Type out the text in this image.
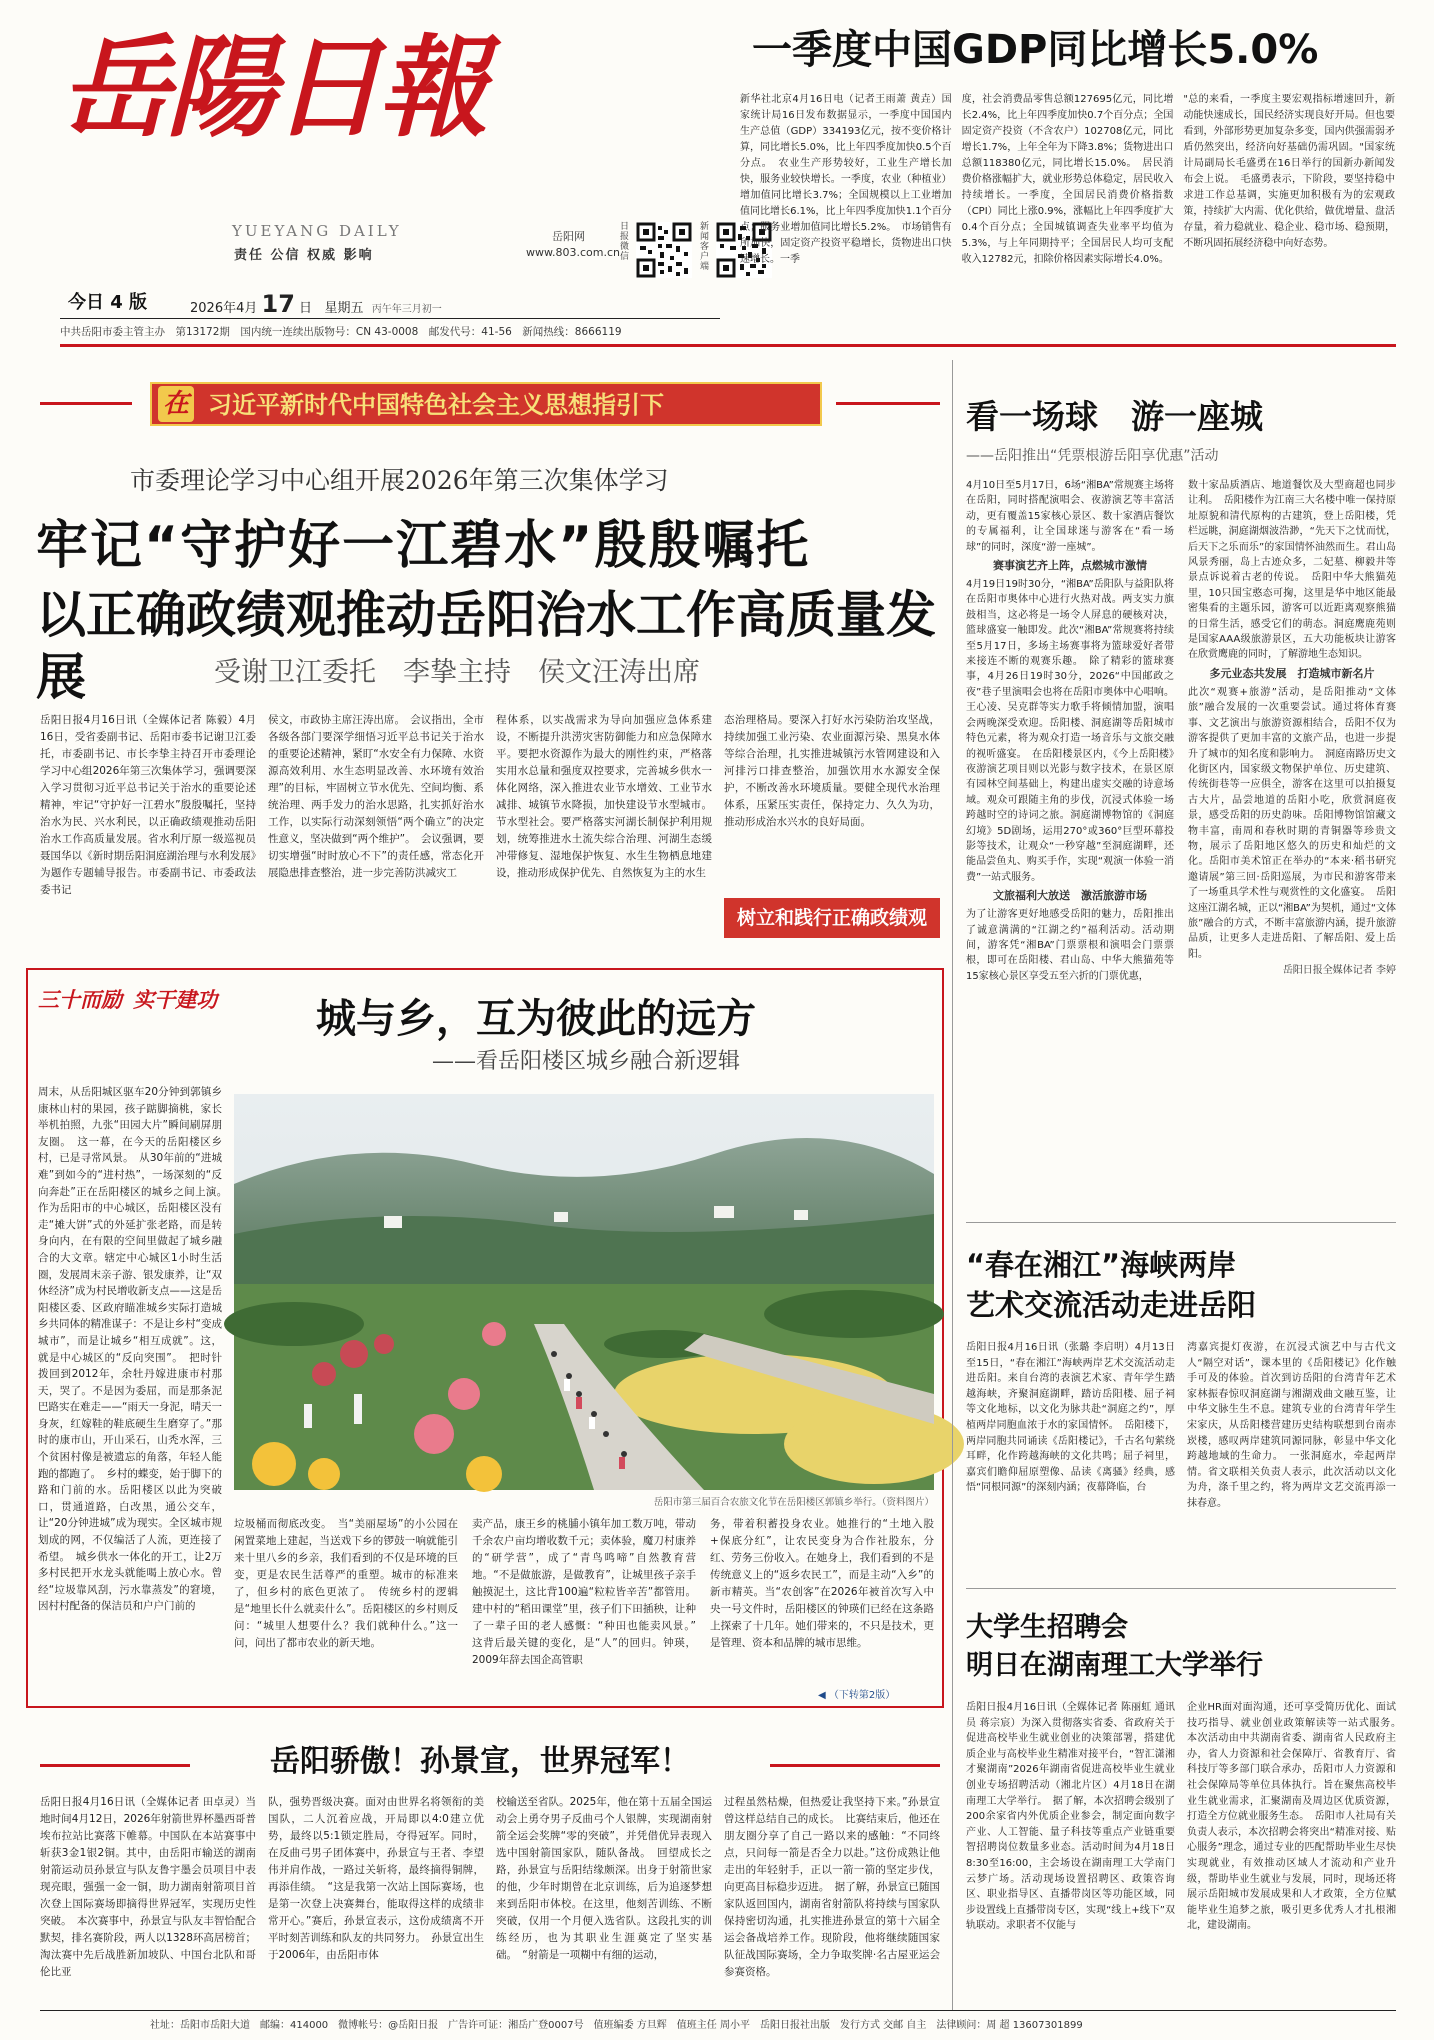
岳陽日報
YUEYANG DAILY
责任 公信 权威 影响
岳阳网
www.803.com.cn
日报微信
新闻客户端
今日 4 版	2026年4月 17 日 星期五 丙午年三月初一
中共岳阳市委主管主办　第13172期　国内统一连续出版物号：CN 43-0008　邮发代号：41-56　新闻热线：8666119
一季度中国GDP同比增长5.0%
新华社北京4月16日电（记者王雨萧 黄垚）国家统计局16日发布数据显示，一季度中国国内生产总值（GDP）334193亿元，按不变价格计算，同比增长5.0%，比上年四季度加快0.5个百分点。　农业生产形势较好，工业生产增长加快，服务业较快增长。一季度，农业（种植业）增加值同比增长3.7%；全国规模以上工业增加值同比增长6.1%，比上年四季度加快1.1个百分点；服务业增加值同比增长5.2%。　市场销售有所加快，固定资产投资平稳增长，货物进出口快速增长。一季
度，社会消费品零售总额127695亿元，同比增长2.4%，比上年四季度加快0.7个百分点；全国固定资产投资（不含农户）102708亿元，同比增长1.7%，上年全年为下降3.8%；货物进出口总额118380亿元，同比增长15.0%。　居民消费价格涨幅扩大，就业形势总体稳定，居民收入持续增长。一季度，全国居民消费价格指数（CPI）同比上涨0.9%，涨幅比上年四季度扩大0.4个百分点；全国城镇调查失业率平均值为5.3%，与上年同期持平；全国居民人均可支配收入12782元，扣除价格因素实际增长4.0%。
"总的来看，一季度主要宏观指标增速回升，新动能快速成长，国民经济实现良好开局。但也要看到，外部形势更加复杂多变，国内供强需弱矛盾仍然突出，经济向好基础仍需巩固。"国家统计局副局长毛盛勇在16日举行的国新办新闻发布会上说。　毛盛勇表示，下阶段，要坚持稳中求进工作总基调，实施更加积极有为的宏观政策，持续扩大内需、优化供给，做优增量、盘活存量，着力稳就业、稳企业、稳市场、稳预期，不断巩固拓展经济稳中向好态势。
在 习近平新时代中国特色社会主义思想指引下
市委理论学习中心组开展2026年第三次集体学习
牢记“守护好一江碧水”殷殷嘱托
以正确政绩观推动岳阳治水工作高质量发展	受谢卫江委托　李挚主持　侯文汪涛出席
岳阳日报4月16日讯（全媒体记者 陈毅）4月16日，受省委副书记、岳阳市委书记谢卫江委托，市委副书记、市长李挚主持召开市委理论学习中心组2026年第三次集体学习，强调要深入学习贯彻习近平总书记关于治水的重要论述精神，牢记“守护好一江碧水”殷殷嘱托，坚持治水为民、兴水利民，以正确政绩观推动岳阳治水工作高质量发展。省水利厅原一级巡视员聂国华以《新时期岳阳洞庭湖治理与水利发展》为题作专题辅导报告。市委副书记、市委政法委书记
侯文，市政协主席汪涛出席。　会议指出，全市各级各部门要深学细悟习近平总书记关于治水的重要论述精神，紧盯“水安全有力保障、水资源高效利用、水生态明显改善、水环境有效治理”的目标，牢固树立节水优先、空间均衡、系统治理、两手发力的治水思路，扎实抓好治水工作，以实际行动深刻领悟“两个确立”的决定性意义，坚决做到“两个维护”。　会议强调，要切实增强“时时放心不下”的责任感，常态化开展隐患排查整治，进一步完善防洪减灾工
程体系，以实战需求为导向加强应急体系建设，不断提升洪涝灾害防御能力和应急保障水平。要把水资源作为最大的刚性约束，严格落实用水总量和强度双控要求，完善城乡供水一体化网络，深入推进农业节水增效、工业节水减排、城镇节水降损，加快建设节水型城市。节水型社会。要严格落实河湖长制保护利用规划，统筹推进水土流失综合治理、河湖生态缓冲带修复、湿地保护恢复、水生生物栖息地建设，推动形成保护优先、自然恢复为主的水生
态治理格局。要深入打好水污染防治攻坚战，持续加强工业污染、农业面源污染、黑臭水体等综合治理，扎实推进城镇污水管网建设和入河排污口排查整治，加强饮用水水源安全保护，不断改善水环境质量。要健全现代水治理体系，压紧压实责任，保持定力、久久为功，推动形成治水兴水的良好局面。
树立和践行正确政绩观
三十而励 实干建功	城与乡，互为彼此的远方
——看岳阳楼区城乡融合新逻辑
周末，从岳阳城区驱车20分钟到郭镇乡康林山村的果园，孩子踮脚摘桃，家长举机拍照，九张“田园大片”瞬间刷屏朋友圈。　这一幕，在今天的岳阳楼区乡村，已是寻常风景。　从30年前的“进城难”到如今的“进村热”，一场深刻的“反向奔赴”正在岳阳楼区的城乡之间上演。　作为岳阳市的中心城区，岳阳楼区没有走“摊大饼”式的外延扩张老路，而是转身向内，在有限的空间里做起了城乡融合的大文章。辖定中心城区1小时生活圈，发展周末亲子游、银发康养，让“双休经济”成为村民增收新支点——这是岳阳楼区委、区政府瞄准城乡实际打造城乡共同体的精准谋子：不是让乡村“变成城市”，而是让城乡“相互成就”。这，就是中心城区的“反向突围”。　把时针拨回到2012年，余牡丹嫁进康市村那天，哭了。不是因为委屈，而是那条泥巴路实在难走——“雨天一身泥，晴天一身灰，红嫁鞋的鞋底硬生生磨穿了。”那时的康市山，开山采石，山秃水浑，三个贫困村像是被遗忘的角落，年轻人能跑的都跑了。　乡村的蝶变，始于脚下的路和门前的水。岳阳楼区以此为突破口，贯通道路，白改黑，通公交车，让“20分钟进城”成为现实。全区城市规划成的网，不仅编活了人流，更连接了希望。　城乡供水一体化的开工，让2万多村民把开水龙头就能喝上放心水。曾经“垃圾靠风刮，污水靠蒸发”的窘境，因村村配备的保洁员和户户门前的
岳阳市第三届百合农旅文化节在岳阳楼区郭镇乡举行。（资料图片）
垃圾桶而彻底改变。　当“美丽屋场”的小公园在闲置菜地上建起，当送戏下乡的锣鼓一响就能引来十里八乡的乡亲，我们看到的不仅是环境的巨变，更是农民生活尊严的重塑。城市的标准来了，但乡村的底色更浓了。　传统乡村的逻辑是“地里长什么就卖什么”。岳阳楼区的乡村则反问：“城里人想要什么？我们就种什么。”这一问，问出了都市农业的新天地。
卖产品，康王乡的桃脯小镇年加工数万吨，带动千余农户亩均增收数千元；卖体验，魔刀村康养的“研学营”，成了“青鸟鸣啼”自然教育营地。“不是做旅游，是做教育”，让城里孩子亲手触摸泥土，这比背100遍“粒粒皆辛苦”都管用。建中村的“稻田课堂”里，孩子们下田插秧，让种了一辈子田的老人感慨：“种田也能卖风景。”　这背后最关键的变化，是“人”的回归。钟瑛，2009年辞去国企高管职
务，带着积蓄投身农业。她推行的“土地入股+保底分红”，让农民变身为合作社股东，分红、劳务三份收入。在她身上，我们看到的不是传统意义上的“返乡农民工”，而是主动“入乡”的新市精英。当“农创客”在2026年被首次写入中央一号文件时，岳阳楼区的钟瑛们已经在这条路上探索了十几年。她们带来的，不只是技术，更是管理、资本和品牌的城市思维。
◀ （下转第2版）
岳阳骄傲！孙景宣，世界冠军！
岳阳日报4月16日讯（全媒体记者 田卓灵）当地时间4月12日，2026年射箭世界杯墨西哥普埃布拉站比赛落下帷幕。中国队在本站赛事中斩获3金1银2铜。其中，由岳阳市输送的湖南射箭运动员孙景宣与队友鲁宇墨会员项目中表现亮眼，强强一金一铜，助力湖南射箭项目首次登上国际赛场即摘得世界冠军，实现历史性突破。　本次赛事中，孙景宣与队友丰智恰配合默契，排名赛阶段，两人以1328环高居榜首；淘汰赛中先后战胜新加坡队、中国台北队和哥伦比亚
队，强势晋级决赛。面对由世界名将领衔的美国队，二人沉着应战，开局即以4:0建立优势，最终以5:1锁定胜局，夺得冠军。同时，在反曲弓男子团体赛中，孙景宣与王者、李望伟并肩作战，一路过关斩将，最终摘得铜牌，再添佳绩。　“这是我第一次站上国际赛场，也是第一次登上决赛舞台，能取得这样的成绩非常开心。”赛后，孙景宣表示，这份成绩离不开平时刻苦训练和队友的共同努力。　孙景宣出生于2006年，由岳阳市体
校输送至省队。2025年，他在第十五届全国运动会上勇夺男子反曲弓个人银牌，实现湖南射箭全运会奖牌“零的突破”，并凭借优异表现入选中国射箭国家队，随队备战。　回望成长之路，孙景宣与岳阳结缘颇深。出身于射箭世家的他，少年时期曾在北京训练，后为追逐梦想来到岳阳市体校。在这里，他刻苦训练、不断突破，仅用一个月便入选省队。这段扎实的训练经历，也为其职业生涯奠定了坚实基础。　“射箭是一项糊中有细的运动，
过程虽然枯燥，但热爱让我坚持下来。”孙景宣曾这样总结自己的成长。　比赛结束后，他还在朋友圈分享了自己一路以来的感触：“不同终点，只问每一箭是否全力以赴。”这份成熟让他走出的年轻射手，正以一箭一箭的坚定步伐，向更高目标稳步迈进。　据了解，孙景宣已随国家队返回国内，湖南省射箭队将持续与国家队保持密切沟通，扎实推进孙景宣的第十六届全运会备战培养工作。现阶段，他将继续随国家队征战国际赛场，全力争取奖牌·名古屋亚运会参赛资格。
看一场球　游一座城
——岳阳推出“凭票根游岳阳享优惠”活动
4月10日至5月17日，6场“湘BA”常规赛主场将在岳阳，同时搭配演唱会、夜游演艺等丰富活动，更有覆盖15家核心景区、数十家酒店餐饮的专属福利，让全国球迷与游客在“看一场球”的同时，深度“游一座城”。
赛事演艺齐上阵，点燃城市激情
4月19日19时30分，“湘BA”岳阳队与益阳队将在岳阳市奥体中心进行火热对战。两支实力旗鼓相当，这必将是一场令人屏息的硬核对决，篮球盛宴一触即发。此次“湘BA”常规赛将持续至5月17日，多场主场赛事将为篮球爱好者带来接连不断的观赛乐趣。　除了精彩的篮球赛事，4月26日19时30分，2026“中国邮政之夜”巷子里演唱会也将在岳阳市奥体中心唱响。王心凌、吴克群等实力歌手将倾情加盟，演唱会两晚深受欢迎。岳阳楼、洞庭湖等岳阳城市特色元素，将为观众打造一场音乐与文旅交融的视听盛宴。　在岳阳楼景区内，《今上岳阳楼》夜游演艺项目则以光影与数字技术，在景区原有园林空间基础上，构建出虚实交融的诗意场域。观众可跟随主角的步伐，沉浸式体验一场跨越时空的诗词之旅。洞庭湖博物馆的《洞庭幻境》5D剧场，运用270°或360°巨型环幕投影等技术，让观众“一秒穿越”至洞庭湖畔，还能品尝鱼丸、购买手作，实现“观演一体验一消费”一站式服务。
文旅福利大放送　激活旅游市场
为了让游客更好地感受岳阳的魅力，岳阳推出了诚意满满的“江湖之约”福利活动。活动期间，游客凭“湘BA”门票票根和演唱会门票票根，即可在岳阳楼、君山岛、中华大熊猫苑等15家核心景区享受五至六折的门票优惠，
数十家品质酒店、地道餐饮及大型商超也同步让利。　岳阳楼作为江南三大名楼中唯一保持原址原貌和清代原构的古建筑，登上岳阳楼，凭栏远眺，洞庭湖烟波浩渺，“先天下之忧而忧，后天下之乐而乐”的家国情怀油然而生。君山岛风景秀丽，岛上古迹众多，二妃墓、柳毅井等景点诉说着古老的传说。　岳阳中华大熊猫苑里，10只国宝憨态可掬，这里是华中地区能最密集看的主题乐园，游客可以近距离观察熊猫的日常生活，感受它们的萌态。洞庭鹰鹿苑则是国家AAA级旅游景区，五大功能板块让游客在欣赏鹰鹿的同时，了解游地生态知识。
多元业态共发展　打造城市新名片
此次“观赛+旅游”活动，是岳阳推动“文体旅”融合发展的一次重要尝试。通过将体育赛事、文艺演出与旅游资源相结合，岳阳不仅为游客提供了更加丰富的文旅产品，也进一步提升了城市的知名度和影响力。　洞庭南路历史文化街区内，国家级文物保护单位、历史建筑、传统街巷等一应俱全，游客在这里可以拍摄复古大片，品尝地道的岳阳小吃，欣赏洞庭夜景，感受岳阳的历史韵味。岳阳博物馆馆藏文物丰富，南周和春秋时期的青铜器等珍贵文物，展示了岳阳地区悠久的历史和灿烂的文化。岳阳市美术馆正在举办的“本来·稻书研究邀请展”第三回·岳阳巡展，为市民和游客带来了一场重具学术性与观赏性的文化盛宴。　岳阳这座江湖名城，正以“湘BA”为契机，通过“文体旅”融合的方式，不断丰富旅游内涵，提升旅游品质，让更多人走进岳阳、了解岳阳、爱上岳阳。
岳阳日报全媒体记者 李婷
“春在湘江”海峡两岸
艺术交流活动走进岳阳
岳阳日报4月16日讯（张璐 李启明）4月13日至15日，“春在湘江”海峡两岸艺术交流活动走进岳阳。来自台湾的表演艺术家、青年学生踏越海峡，齐聚洞庭湖畔，踏访岳阳楼、屈子祠等文化地标，以文化为脉共赴“洞庭之约”，厚植两岸同胞血浓于水的家国情怀。　岳阳楼下，两岸同胞共同诵读《岳阳楼记》，千古名句萦绕耳畔，化作跨越海峡的文化共鸣；屈子祠里，嘉宾们瞻仰屈原塑像、品读《离骚》经典，感悟“同根同源”的深刻内涵；夜幕降临，台
湾嘉宾提灯夜游，在沉浸式演艺中与古代文人“隔空对话”，课本里的《岳阳楼记》化作触手可及的体验。首次到访岳阳的台湾青年艺术家林振春惊叹洞庭湖与湘湖戏曲文融互鉴，让中华文脉生生不息。建筑专业的台湾青年学生宋家庆，从岳阳楼营建历史结构联想到台南赤崁楼，感叹两岸建筑同源同脉，彰显中华文化跨越地域的生命力。　一张洞庭水，牵起两岸情。省文联相关负责人表示，此次活动以文化为舟，涤千里之约，将为两岸文艺交流再添一抹春意。
大学生招聘会
明日在湖南理工大学举行
岳阳日报4月16日讯（全媒体记者 陈丽虹 通讯员 蒋宗宸）为深入贯彻落实省委、省政府关于促进高校毕业生就业创业的决策部署，搭建优质企业与高校毕业生精准对接平台，“智汇潇湘 才聚湖南”2026年湖南省促进高校毕业生就业创业专场招聘活动（湘北片区）4月18日在湖南理工大学举行。　据了解，本次招聘会级别了200余家省内外优质企业参会，制定面向数字产业、人工智能、量子科技等重点产业链重要智招聘岗位数量多业态。活动时间为4月18日8:30至16:00，主会场设在湖南理工大学南门云梦广场。活动现场设置招聘区、政策咨询区、职业指导区、直播带岗区等功能区域，同步设置线上直播带岗专区，实现“线上+线下”双轨联动。求职者不仅能与
企业HR面对面沟通，还可享受简历优化、面试技巧指导、就业创业政策解读等一站式服务。　本次活动由中共湖南省委、湖南省人民政府主办，省人力资源和社会保障厅、省教育厅、省科技厅等多部门联合承办，岳阳市人力资源和社会保障局等单位具体执行。旨在聚焦高校毕业生就业需求，汇聚湖南及周边区优质资源，打造全方位就业服务生态。　岳阳市人社局有关负责人表示，本次招聘会将突出“精准对接、贴心服务”理念，通过专业的匹配帮助毕业生尽快实现就业，有效推动区域人才流动和产业升级，帮助毕业生就业与发展，同时，现场还将展示岳阳城市发展成果和人才政策，全方位赋能毕业生追梦之旅，吸引更多优秀人才扎根湘北，建设湖南。
社址：岳阳市岳阳大道　邮编：414000　微博帐号：@岳阳日报　广告许可证：湘岳广登0007号　值班编委 方旦辉　值班主任 周小平　岳阳日报社出版　发行方式 交邮 自主　法律顾问：周 超 13607301899
